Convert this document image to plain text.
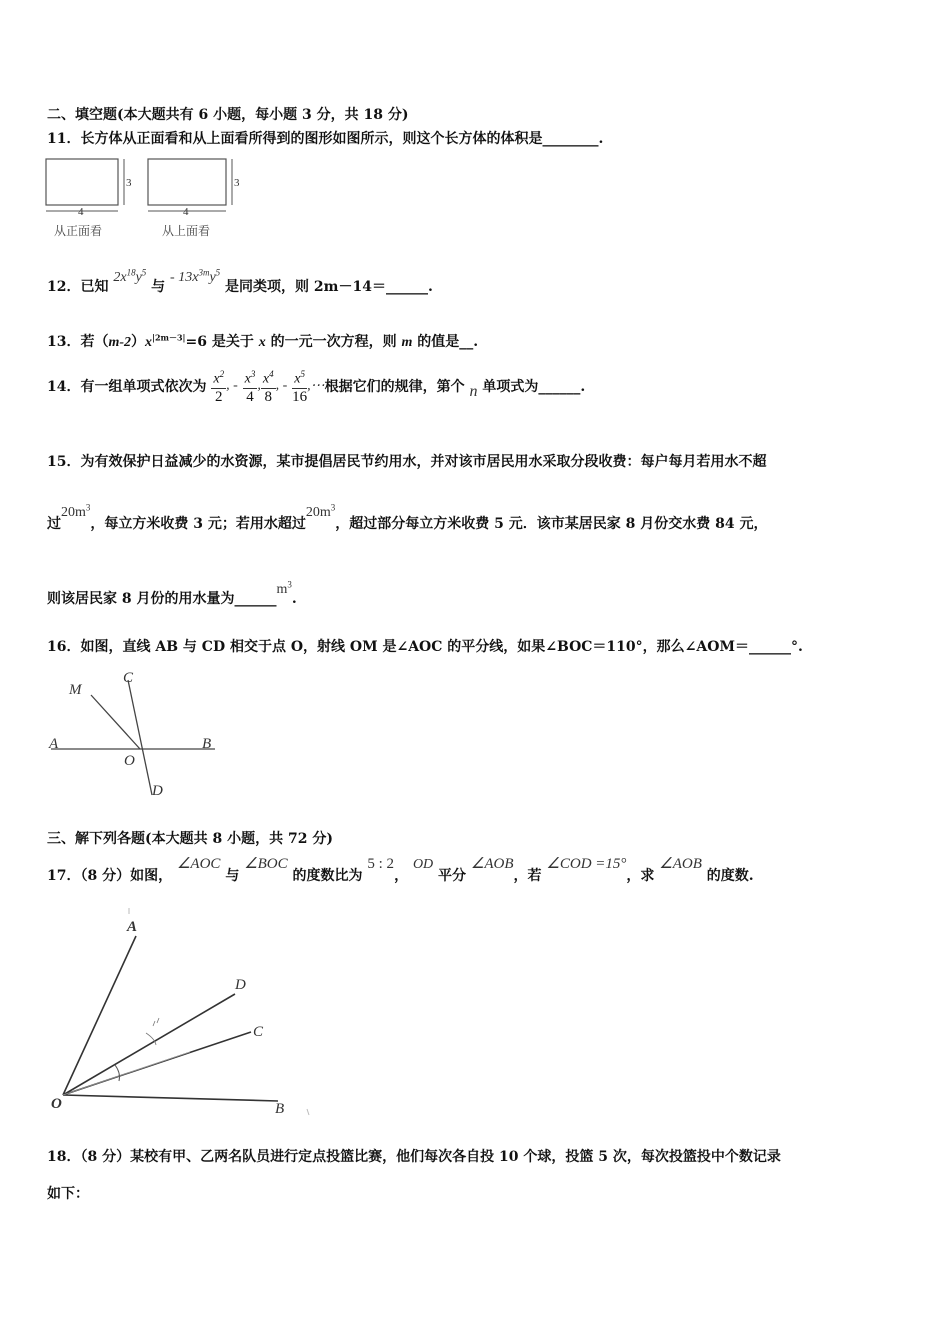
二、填空题(本大题共有 6 小题，每小题 3 分，共 18 分)
11．长方体从正面看和从上面看所得到的图形如图所示，则这个长方体的体积是________.
3
4
3
4
从正面看	从上面看
12．已知 $2x^{18}y^5$ 与 - $13x^{3m}y^5$ 是同类项，则 2m－14＝______.
13．若$(m-2)x^{|2m-3|}=6$ 是关于 x 的一元一次方程，则 m 的值是__.
14．有一组单项式依次为 $\frac{x^2}{2}$ , - $\frac{x^3}{4}$ , $\frac{x^4}{8}$ , - $\frac{x^5}{16}$ ,⋯根据它们的规律，第个 n 单项式为______.
15．为有效保护日益减少的水资源，某市提倡居民节约用水，并对该市居民用水采取分段收费：每户每月若用水不超
过$20m^3$，每立方米收费 3 元；若用水超过$20m^3$，超过部分每立方米收费 5 元．该市某居民家 8 月份交水费 84 元，
则该居民家 8 月份的用水量为$\_\_\_\_\_\_m^3$.
16．如图，直线 AB 与 CD 相交于点 O，射线 OM 是∠AOC 的平分线，如果∠BOC＝110°，那么∠AOM＝______°.
M
C
A
O
B
D
三、解下列各题(本大题共 8 小题，共 72 分)
17．（8 分）如图， ∠AOC 与 ∠BOC 的度数比为 5 : 2， OD 平分 ∠AOB，若 ∠COD =15°，求 ∠AOB 的度数.
A
D
C
O	B
18．（8 分）某校有甲、乙两名队员进行定点投篮比赛，他们每次各自投 10 个球，投篮 5 次，每次投篮投中个数记录
如下：
